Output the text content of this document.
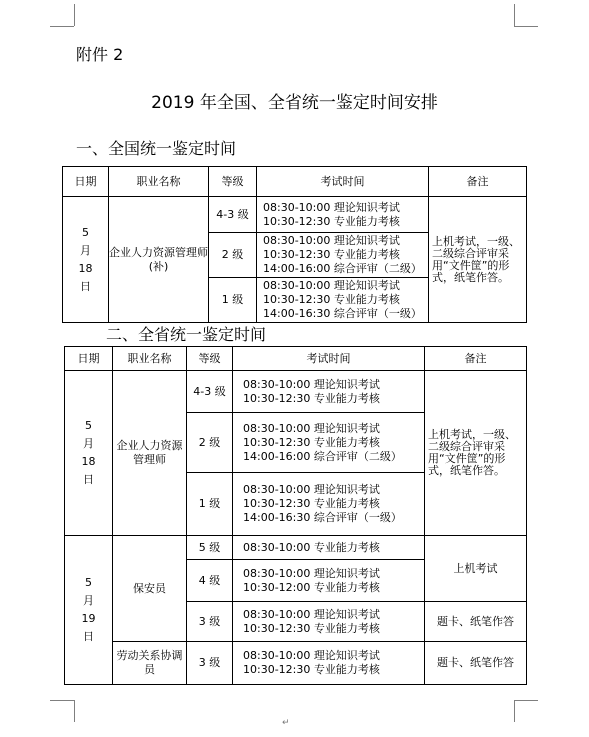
附件 2
2019 年全国、全省统一鉴定时间安排
一、全国统一鉴定时间
日期	职业名称	等级	考试时间	备注

5
月
18
日	企业人力资源管理师(补)	4-3 级	08:30-10:00 理论知识考试
10:30-12:30 专业能力考核	上机考试，一级、二级综合评审采用“文件筐”的形式，纸笔作答。
		2 级	08:30-10:00 理论知识考试
10:30-12:30 专业能力考核
14:00-16:00 综合评审（二级）	

		1 级	08:30-10:00 理论知识考试
10:30-12:30 专业能力考核
14:00-16:30 综合评审（一级）	
二、全省统一鉴定时间
日期	职业名称	等级	考试时间	备注

5
月
18
日	企业人力资源管理师	4-3 级	08:30-10:00 理论知识考试
10:30-12:30 专业能力考核	上机考试，一级、二级综合评审采用“文件筐”的形式，纸笔作答。
		2 级	08:30-10:00 理论知识考试
10:30-12:30 专业能力考核
14:00-16:00 综合评审（二级）	

		1 级	08:30-10:00 理论知识考试
10:30-12:30 专业能力考核
14:00-16:30 综合评审（一级）	

5
月
19
日	保安员	5 级	08:30-10:00 专业能力考核	上机考试
		4 级	08:30-10:00 理论知识考试
10:30-12:00 专业能力考核	

		3 级	08:30-10:00 理论知识考试
10:30-12:30 专业能力考核	题卡、纸笔作答
	劳动关系协调员	3 级	08:30-10:00 理论知识考试
10:30-12:30 专业能力考核	题卡、纸笔作答
↵
